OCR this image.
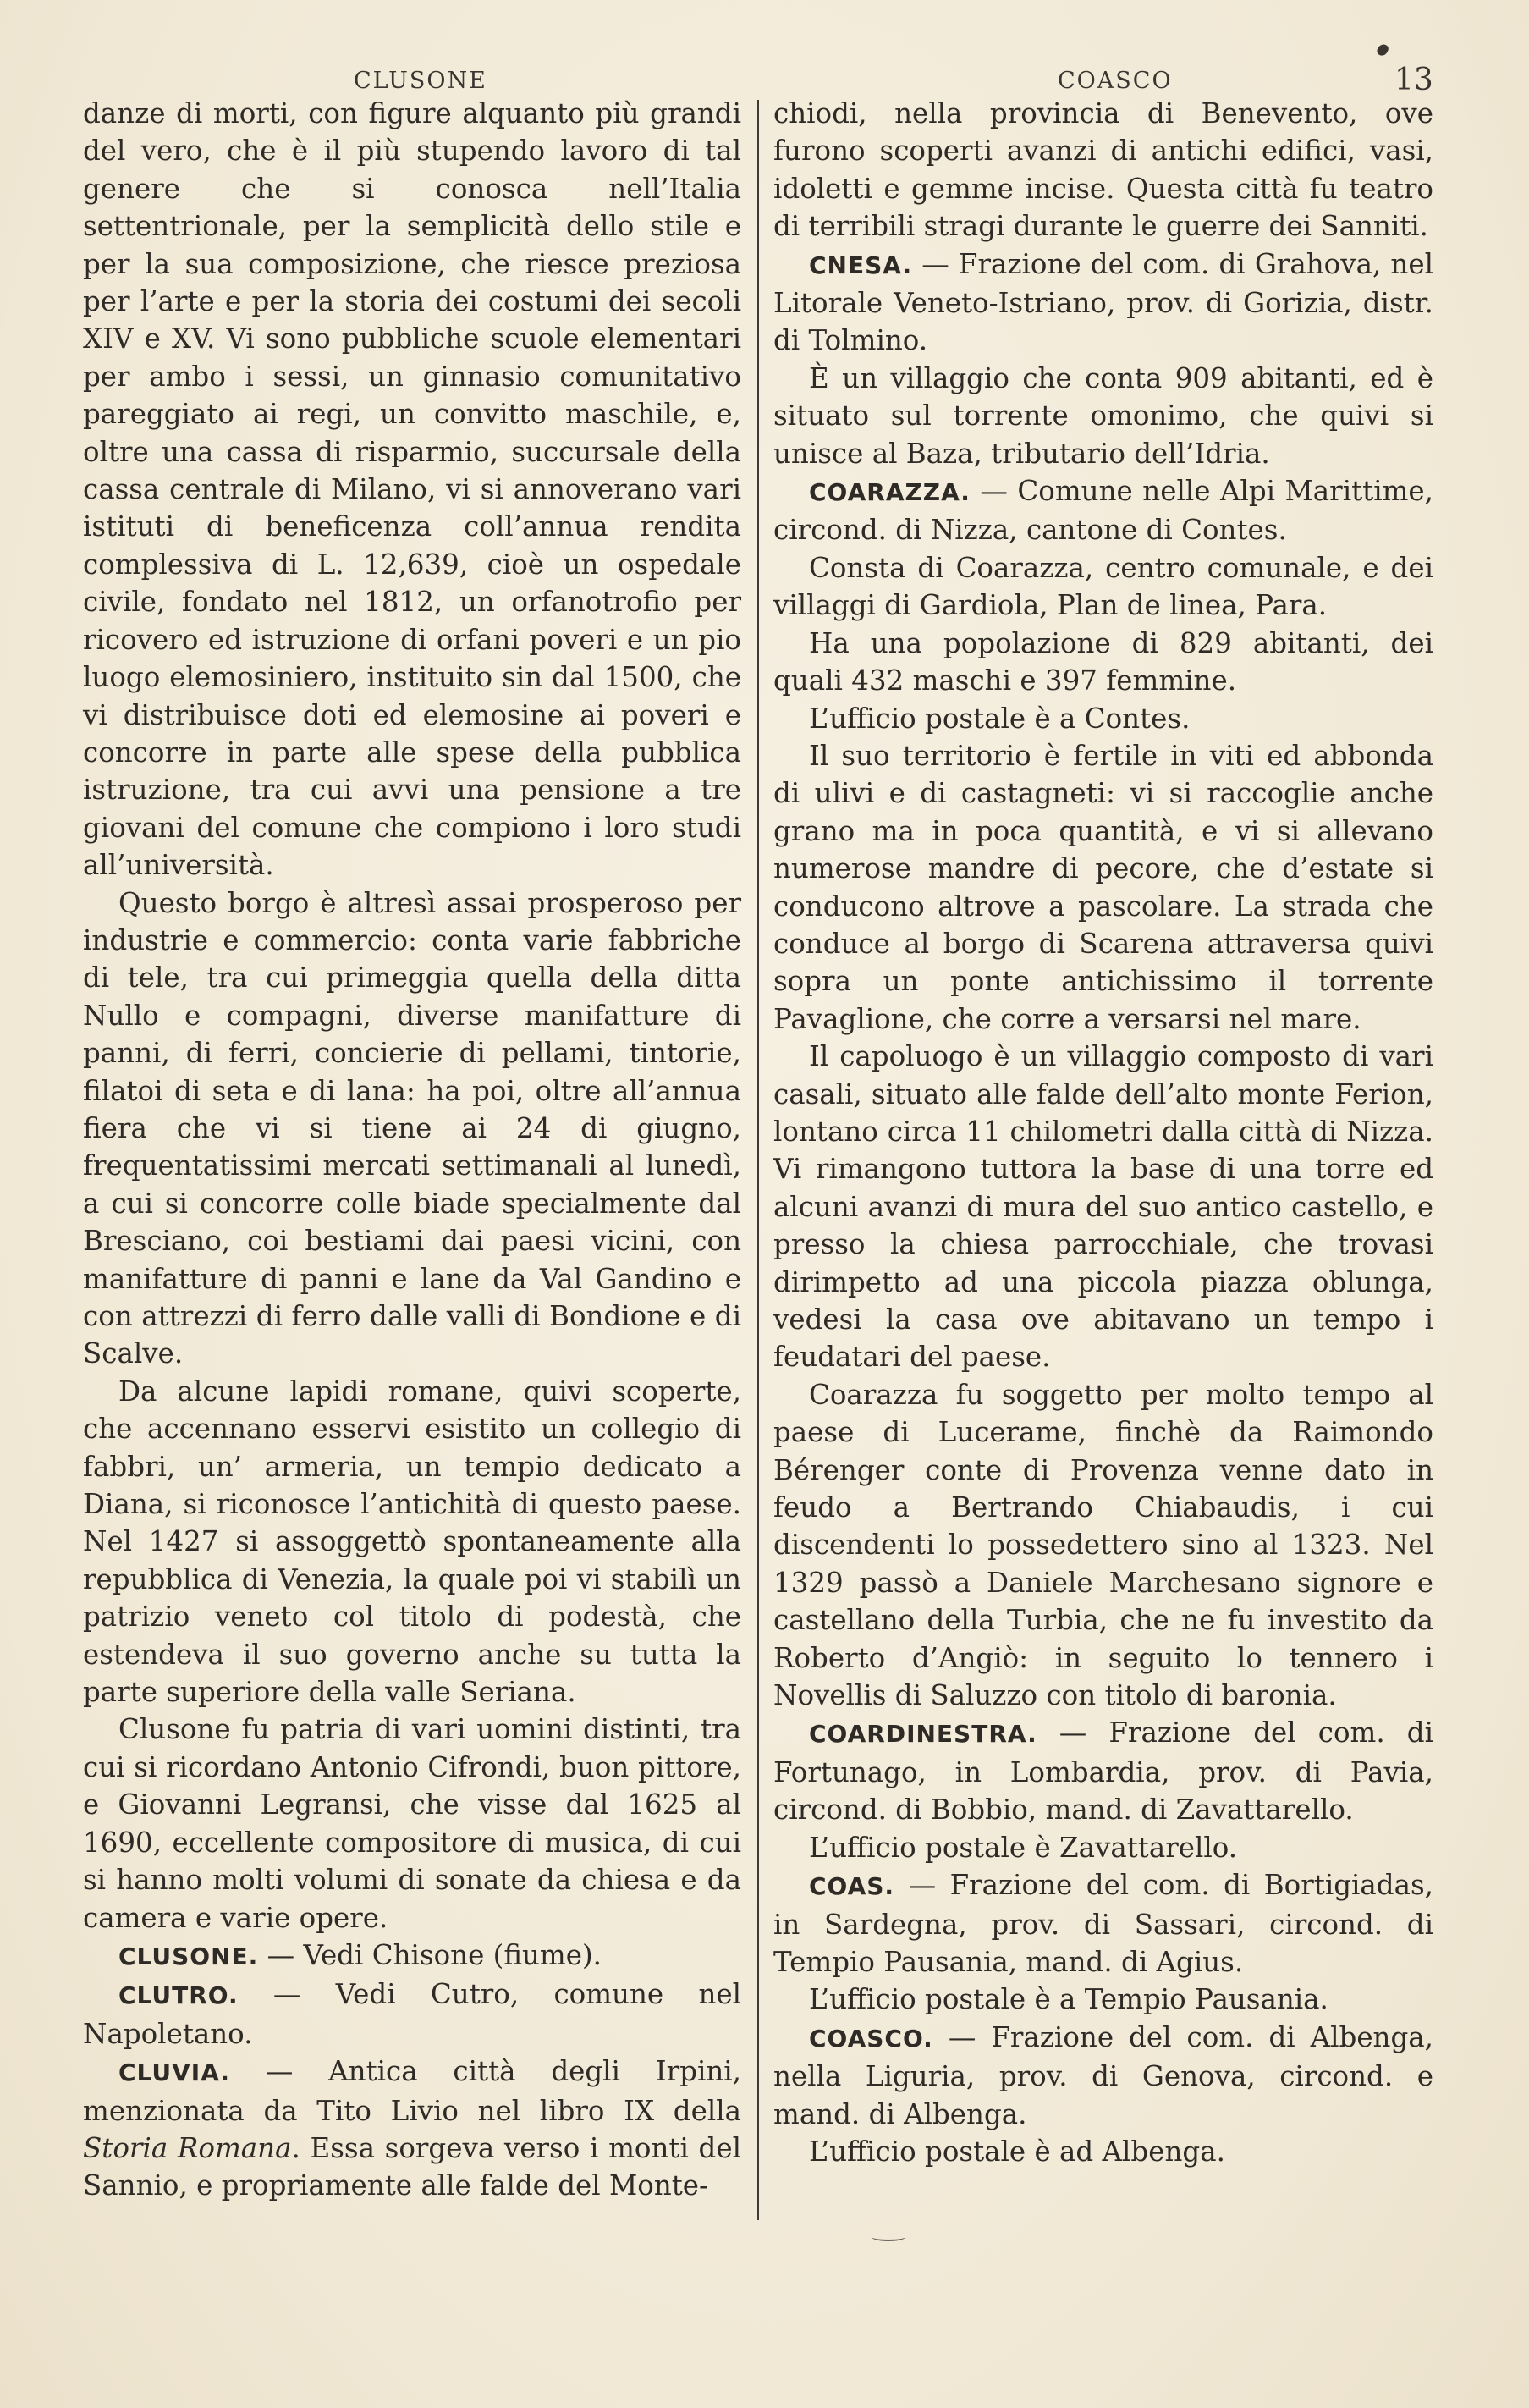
CLUSONE	COASCO	13

danze di morti, con figure alquanto più grandi del vero, che è il più stupendo lavoro di tal genere che si conosca nell’Italia settentrionale, per la semplicità dello stile e per la sua composizione, che riesce preziosa per l’arte e per la storia dei costumi dei secoli XIV e XV. Vi sono pubbliche scuole elementari per ambo i sessi, un ginnasio comunitativo pareggiato ai regi, un convitto maschile, e, oltre una cassa di risparmio, succursale della cassa centrale di Milano, vi si annoverano vari istituti di beneficenza coll’annua rendita complessiva di L. 12,639, cioè un ospedale civile, fondato nel 1812, un orfanotrofio per ricovero ed istruzione di orfani poveri e un pio luogo elemosiniero, instituito sin dal 1500, che vi distribuisce doti ed elemosine ai poveri e concorre in parte alle spese della pubblica istruzione, tra cui avvi una pensione a tre giovani del comune che compiono i loro studi all’università.

Questo borgo è altresì assai prosperoso per industrie e commercio: conta varie fabbriche di tele, tra cui primeggia quella della ditta Nullo e compagni, diverse manifatture di panni, di ferri, concierie di pellami, tintorie, filatoi di seta e di lana: ha poi, oltre all’annua fiera che vi si tiene ai 24 di giugno, frequentatissimi mercati settimanali al lunedì, a cui si concorre colle biade specialmente dal Bresciano, coi bestiami dai paesi vicini, con manifatture di panni e lane da Val Gandino e con attrezzi di ferro dalle valli di Bondione e di Scalve.

Da alcune lapidi romane, quivi scoperte, che accennano esservi esistito un collegio di fabbri, un’ armeria, un tempio dedicato a Diana, si riconosce l’antichità di questo paese. Nel 1427 si assoggettò spontaneamente alla repubblica di Venezia, la quale poi vi stabilì un patrizio veneto col titolo di podestà, che estendeva il suo governo anche su tutta la parte superiore della valle Seriana.

Clusone fu patria di vari uomini distinti, tra cui si ricordano Antonio Cifrondi, buon pittore, e Giovanni Legransi, che visse dal 1625 al 1690, eccellente compositore di musica, di cui si hanno molti volumi di sonate da chiesa e da camera e varie opere.

CLUSONE. — Vedi Chisone (fiume).

CLUTRO. — Vedi Cutro, comune nel Napoletano.

CLUVIA. — Antica città degli Irpini, menzionata da Tito Livio nel libro IX della Storia Romana. Essa sorgeva verso i monti del Sannio, e propriamente alle falde del Monte-

chiodi, nella provincia di Benevento, ove furono scoperti avanzi di antichi edifici, vasi, idoletti e gemme incise. Questa città fu teatro di terribili stragi durante le guerre dei Sanniti.

CNESA. — Frazione del com. di Grahova, nel Litorale Veneto-Istriano, prov. di Gorizia, distr. di Tolmino.

È un villaggio che conta 909 abitanti, ed è situato sul torrente omonimo, che quivi si unisce al Baza, tributario dell’Idria.

COARAZZA. — Comune nelle Alpi Marittime, circond. di Nizza, cantone di Contes.

Consta di Coarazza, centro comunale, e dei villaggi di Gardiola, Plan de linea, Para.

Ha una popolazione di 829 abitanti, dei quali 432 maschi e 397 femmine.

L’ufficio postale è a Contes.

Il suo territorio è fertile in viti ed abbonda di ulivi e di castagneti: vi si raccoglie anche grano ma in poca quantità, e vi si allevano numerose mandre di pecore, che d’estate si conducono altrove a pascolare. La strada che conduce al borgo di Scarena attraversa quivi sopra un ponte antichissimo il torrente Pavaglione, che corre a versarsi nel mare.

Il capoluogo è un villaggio composto di vari casali, situato alle falde dell’alto monte Ferion, lontano circa 11 chilometri dalla città di Nizza. Vi rimangono tuttora la base di una torre ed alcuni avanzi di mura del suo antico castello, e presso la chiesa parrocchiale, che trovasi dirimpetto ad una piccola piazza oblunga, vedesi la casa ove abitavano un tempo i feudatari del paese.

Coarazza fu soggetto per molto tempo al paese di Lucerame, finchè da Raimondo Bérenger conte di Provenza venne dato in feudo a Bertrando Chiabaudis, i cui discendenti lo possedettero sino al 1323. Nel 1329 passò a Daniele Marchesano signore e castellano della Turbia, che ne fu investito da Roberto d’Angiò: in seguito lo tennero i Novellis di Saluzzo con titolo di baronia.

COARDINESTRA. — Frazione del com. di Fortunago, in Lombardia, prov. di Pavia, circond. di Bobbio, mand. di Zavattarello.

L’ufficio postale è Zavattarello.

COAS. — Frazione del com. di Bortigiadas, in Sardegna, prov. di Sassari, circond. di Tempio Pausania, mand. di Agius.

L’ufficio postale è a Tempio Pausania.

COASCO. — Frazione del com. di Albenga, nella Liguria, prov. di Genova, circond. e mand. di Albenga.

L’ufficio postale è ad Albenga.
